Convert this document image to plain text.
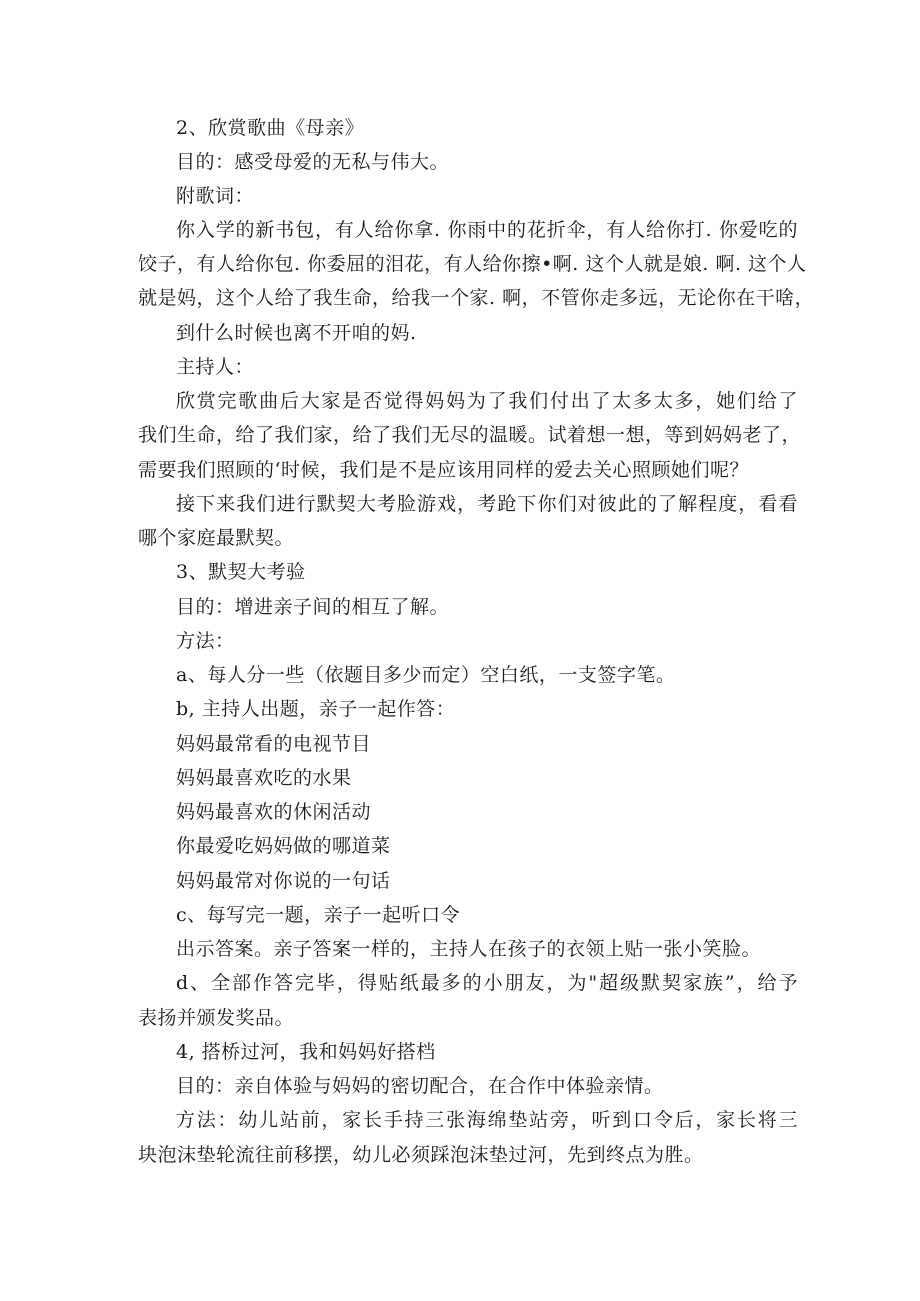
2、欣赏歌曲《母亲》
目的：感受母爱的无私与伟大。
附歌词：
你入学的新书包，有人给你拿. 你雨中的花折伞，有人给你打. 你爱吃的
饺子，有人给你包. 你委屈的泪花，有人给你擦•啊. 这个人就是娘. 啊. 这个人
就是妈，这个人给了我生命，给我一个家. 啊，不管你走多远，无论你在干啥，
到什么时候也离不开咱的妈.
主持人：
欣赏完歌曲后大家是否觉得妈妈为了我们付出了太多太多，她们给了
我们生命，给了我们家，给了我们无尽的温暖。试着想一想，等到妈妈老了，
需要我们照顾的‘时候，我们是不是应该用同样的爱去关心照顾她们呢？
接下来我们进行默契大考脸游戏，考跄下你们对彼此的了解程度，看看
哪个家庭最默契。
3、默契大考验
目的：增进亲子间的相互了解。
方法：
a、每人分一些（依题目多少而定）空白纸，一支签字笔。
b, 主持人出题，亲子一起作答：
妈妈最常看的电视节目
妈妈最喜欢吃的水果
妈妈最喜欢的休闲活动
你最爱吃妈妈做的哪道菜
妈妈最常对你说的一句话
c、每写完一题，亲子一起听口令
出示答案。亲子答案一样的，主持人在孩子的衣领上贴一张小笑脸。
d、全部作答完毕，得贴纸最多的小朋友，为"超级默契家族”，给予
表扬并颁发奖品。
4, 搭桥过河，我和妈妈好搭档
目的：亲自体验与妈妈的密切配合，在合作中体验亲情。
方法：幼儿站前，家长手持三张海绵垫站旁，听到口令后，家长将三
块泡沫垫轮流往前移摆，幼儿必须踩泡沫垫过河，先到终点为胜。
